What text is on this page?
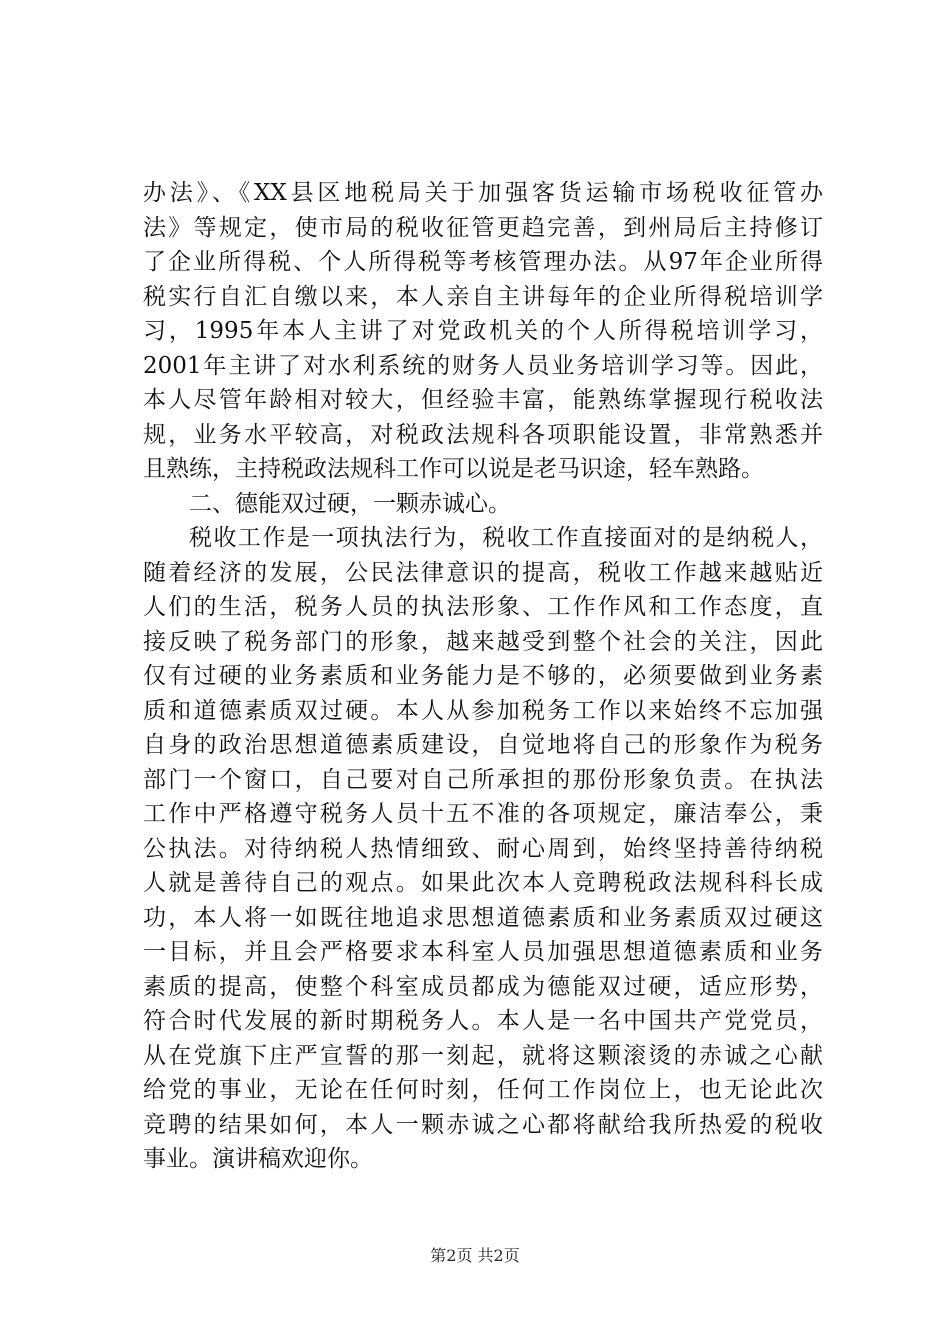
办法》、《XX县区地税局关于加强客货运输市场税收征管办
法》等规定，使市局的税收征管更趋完善，到州局后主持修订
了企业所得税、个人所得税等考核管理办法。从97年企业所得
税实行自汇自缴以来，本人亲自主讲每年的企业所得税培训学
习，1995年本人主讲了对党政机关的个人所得税培训学习，
2001年主讲了对水利系统的财务人员业务培训学习等。因此，
本人尽管年龄相对较大，但经验丰富，能熟练掌握现行税收法
规，业务水平较高，对税政法规科各项职能设置，非常熟悉并
且熟练，主持税政法规科工作可以说是老马识途，轻车熟路。
二、德能双过硬，一颗赤诚心。
税收工作是一项执法行为，税收工作直接面对的是纳税人，
随着经济的发展，公民法律意识的提高，税收工作越来越贴近
人们的生活，税务人员的执法形象、工作作风和工作态度，直
接反映了税务部门的形象，越来越受到整个社会的关注，因此
仅有过硬的业务素质和业务能力是不够的，必须要做到业务素
质和道德素质双过硬。本人从参加税务工作以来始终不忘加强
自身的政治思想道德素质建设，自觉地将自己的形象作为税务
部门一个窗口，自己要对自己所承担的那份形象负责。在执法
工作中严格遵守税务人员十五不准的各项规定，廉洁奉公，秉
公执法。对待纳税人热情细致、耐心周到，始终坚持善待纳税
人就是善待自己的观点。如果此次本人竞聘税政法规科科长成
功，本人将一如既往地追求思想道德素质和业务素质双过硬这
一目标，并且会严格要求本科室人员加强思想道德素质和业务
素质的提高，使整个科室成员都成为德能双过硬，适应形势，
符合时代发展的新时期税务人。本人是一名中国共产党党员，
从在党旗下庄严宣誓的那一刻起，就将这颗滚烫的赤诚之心献
给党的事业，无论在任何时刻，任何工作岗位上，也无论此次
竞聘的结果如何，本人一颗赤诚之心都将献给我所热爱的税收
事业。演讲稿欢迎你。
第2页 共2页
